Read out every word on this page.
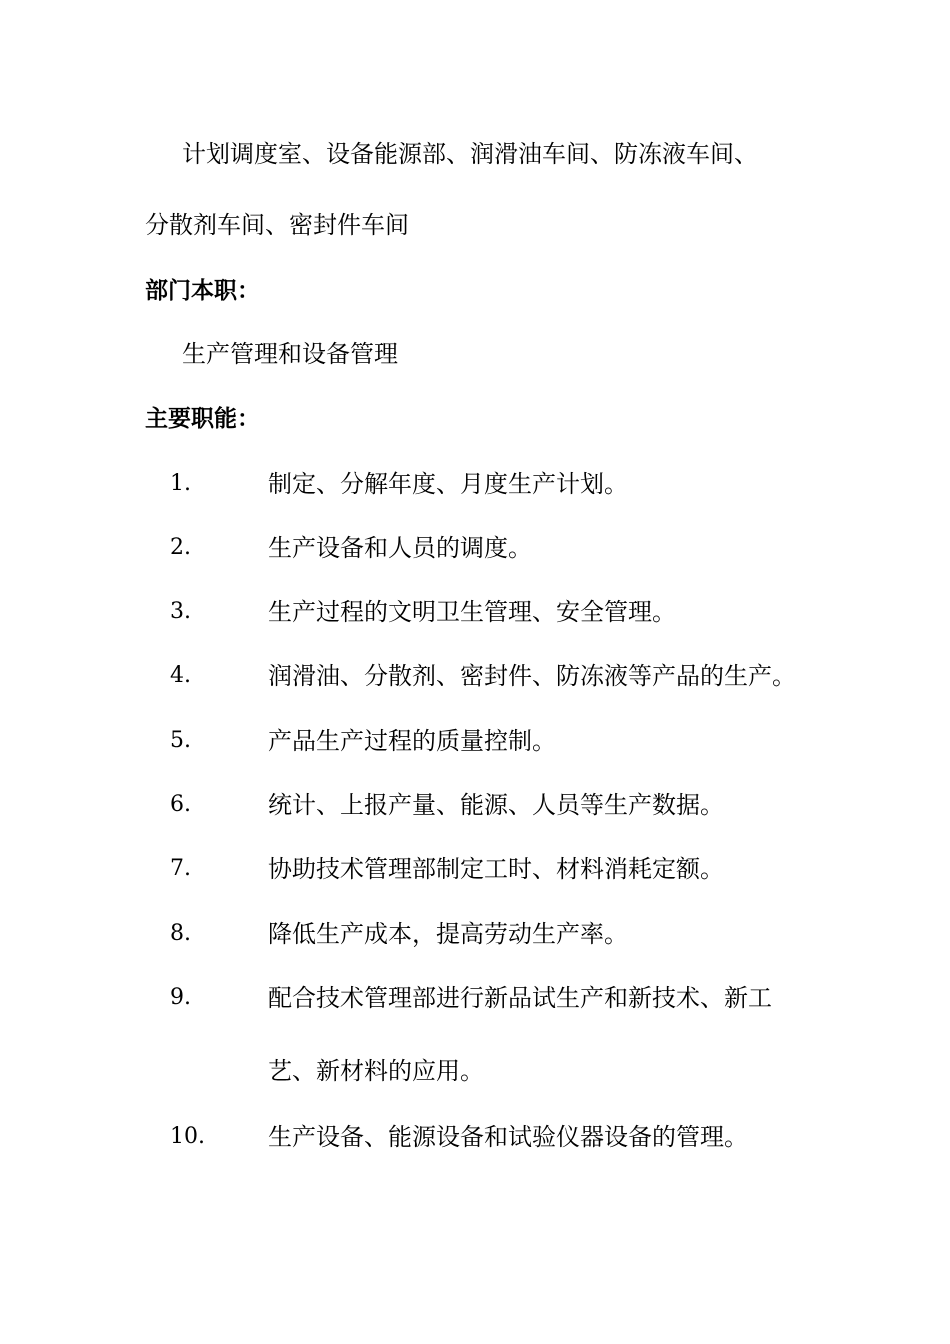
计划调度室、设备能源部、润滑油车间、防冻液车间、
分散剂车间、密封件车间
部门本职：
生产管理和设备管理
主要职能：
1.	制定、分解年度、月度生产计划。
2.	生产设备和人员的调度。
3.	生产过程的文明卫生管理、安全管理。
4.	润滑油、分散剂、密封件、防冻液等产品的生产。
5.	产品生产过程的质量控制。
6.	统计、上报产量、能源、人员等生产数据。
7.	协助技术管理部制定工时、材料消耗定额。
8.	降低生产成本，提高劳动生产率。
9.	配合技术管理部进行新品试生产和新技术、新工
艺、新材料的应用。
10.	生产设备、能源设备和试验仪器设备的管理。
